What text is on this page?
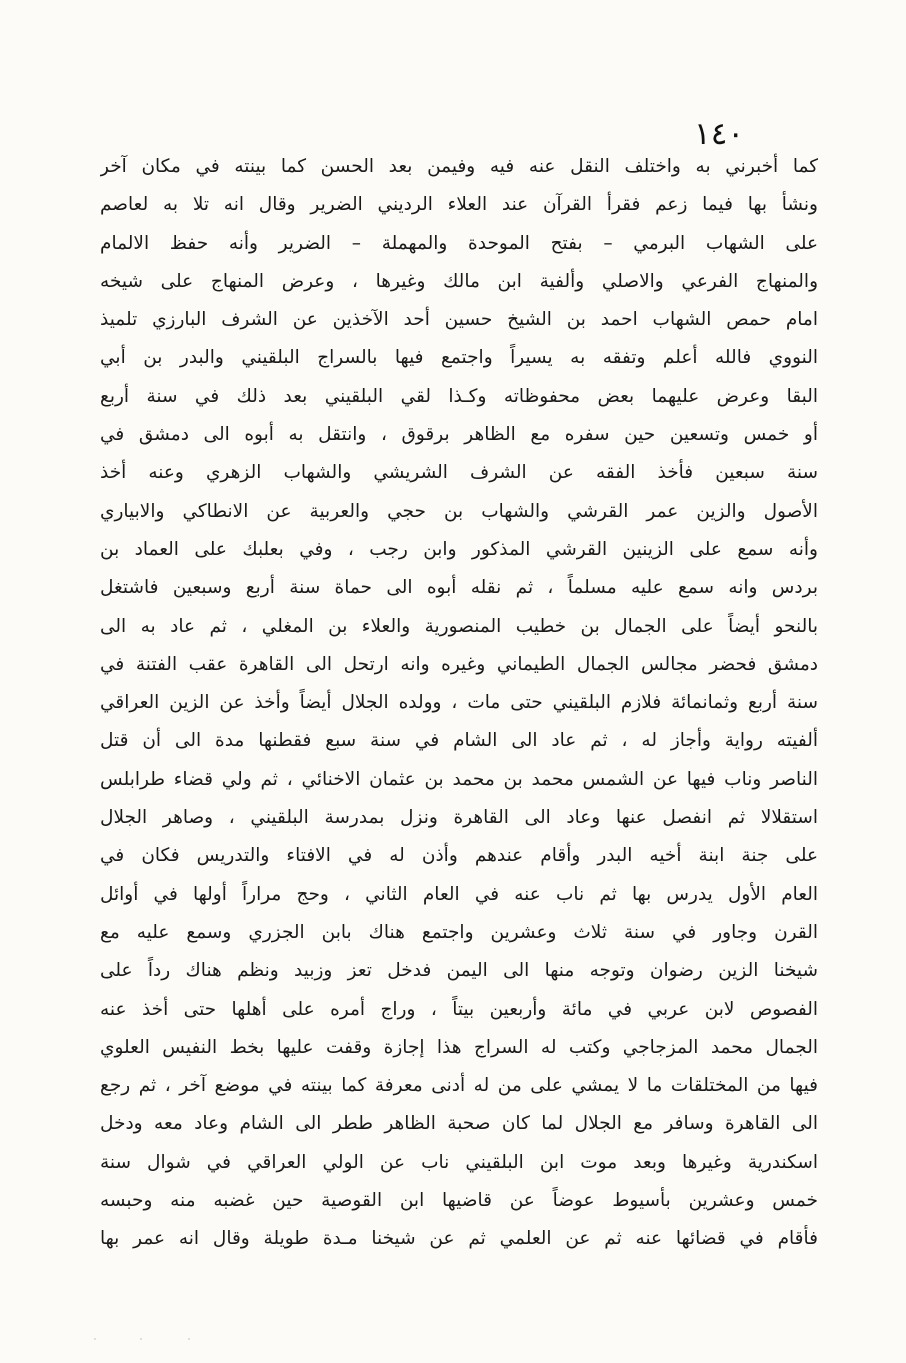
١٤٠
كما أخبرني به واختلف النقل عنه فيه وفيمن بعد الحسن كما بينته في مكان آخر
ونشأ بها فيما زعم فقرأ القرآن عند العلاء الرديني الضرير وقال انه تلا به لعاصم
على الشهاب البرمي – بفتح الموحدة والمهملة – الضرير وأنه حفظ الالمام
والمنهاج الفرعي والاصلي وألفية ابن مالك وغيرها ، وعرض المنهاج على شيخه
امام حمص الشهاب احمد بن الشيخ حسين أحد الآخذين عن الشرف البارزي تلميذ
النووي فالله أعلم وتفقه به يسيراً واجتمع فيها بالسراج البلقيني والبدر بن أبي
البقا وعرض عليهما بعض محفوظاته وكـذا لقي البلقيني بعد ذلك في سنة أربع
أو خمس وتسعين حين سفره مع الظاهر برقوق ، وانتقل به أبوه الى دمشق في
سنة سبعين فأخذ الفقه عن الشرف الشريشي والشهاب الزهري وعنه أخذ
الأصول والزين عمر القرشي والشهاب بن حجي والعربية عن الانطاكي والابياري
وأنه سمع على الزينين القرشي المذكور وابن رجب ، وفي بعلبك على العماد بن
بردس وانه سمع عليه مسلماً ، ثم نقله أبوه الى حماة سنة أربع وسبعين فاشتغل
بالنحو أيضاً على الجمال بن خطيب المنصورية والعلاء بن المغلي ، ثم عاد به الى
دمشق فحضر مجالس الجمال الطيماني وغيره وانه ارتحل الى القاهرة عقب الفتنة في
سنة أربع وثمانمائة فلازم البلقيني حتى مات ، وولده الجلال أيضاً وأخذ عن الزين العراقي
ألفيته رواية وأجاز له ، ثم عاد الى الشام في سنة سبع فقطنها مدة الى أن قتل
الناصر وناب فيها عن الشمس محمد بن محمد بن عثمان الاخنائي ، ثم ولي قضاء طرابلس
استقلالا ثم انفصل عنها وعاد الى القاهرة ونزل بمدرسة البلقيني ، وصاهر الجلال
على جنة ابنة أخيه البدر وأقام عندهم وأذن له في الافتاء والتدريس فكان في
العام الأول يدرس بها ثم ناب عنه في العام الثاني ، وحج مراراً أولها في أوائل
القرن وجاور في سنة ثلاث وعشرين واجتمع هناك بابن الجزري وسمع عليه مع
شيخنا الزين رضوان وتوجه منها الى اليمن فدخل تعز وزبيد ونظم هناك رداً على
الفصوص لابن عربي في مائة وأربعين بيتاً ، وراج أمره على أهلها حتى أخذ عنه
الجمال محمد المزجاجي وكتب له السراج هذا إجازة وقفت عليها بخط النفيس العلوي
فيها من المختلقات ما لا يمشي على من له أدنى معرفة كما بينته في موضع آخر ، ثم رجع
الى القاهرة وسافر مع الجلال لما كان صحبة الظاهر ططر الى الشام وعاد معه ودخل
اسكندرية وغيرها وبعد موت ابن البلقيني ناب عن الولي العراقي في شوال سنة
خمس وعشرين بأسيوط عوضاً عن قاضيها ابن القوصية حين غضبه منه وحبسه
فأقام في قضائها عنه ثم عن العلمي ثم عن شيخنا مـدة طويلة وقال انه عمر بها
